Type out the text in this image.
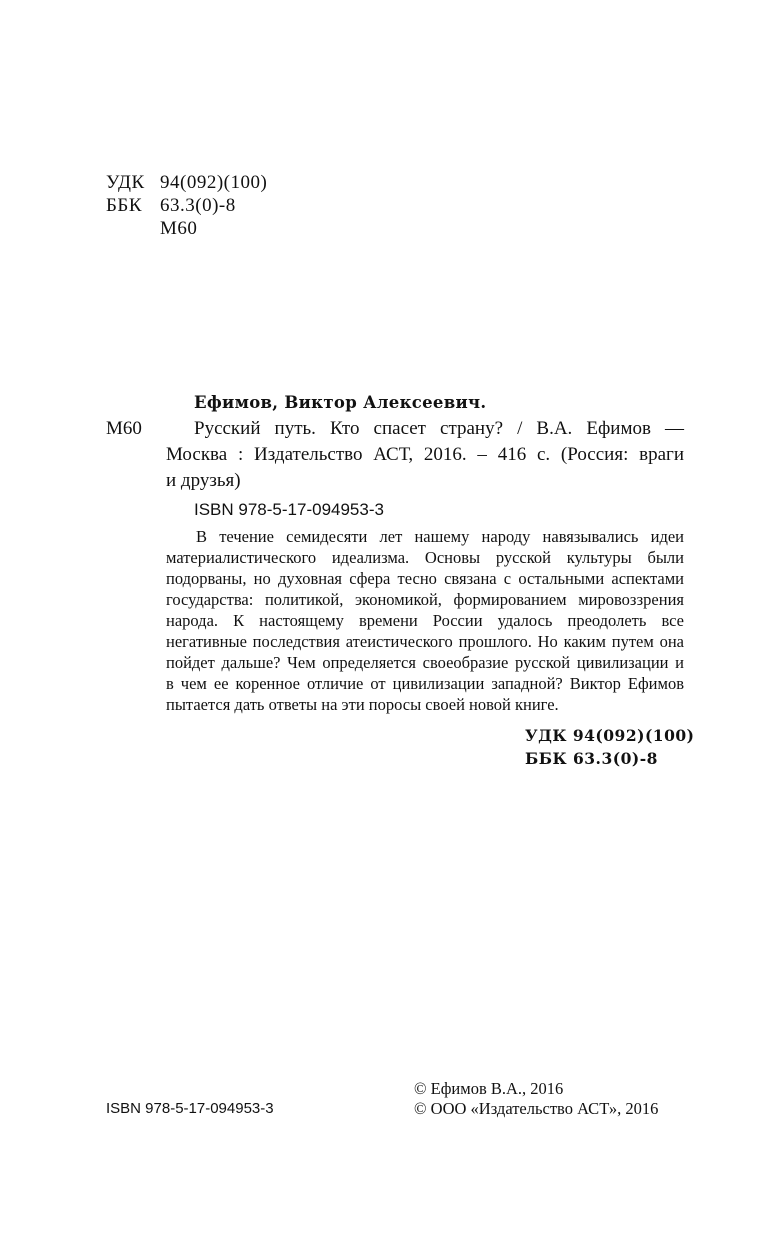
УДК 94(092)(100)
ББК 63.3(0)-8
М60
Ефимов, Виктор Алексеевич.
М60	Русский путь. Кто спасет страну? / В.А. Ефимов —
Москва : Издательство АСТ, 2016. – 416 с. (Россия: враги
и друзья)
ISBN 978-5-17-094953-3
В течение семидесяти лет нашему народу навязывались идеи
материалистического идеализма. Основы русской культуры были
подорваны, но духовная сфера тесно связана с остальными аспектами
государства: политикой, экономикой, формированием мировоззрения
народа. К настоящему времени России удалось преодолеть все
негативные последствия атеистического прошлого. Но каким путем она
пойдет дальше? Чем определяется своеобразие русской цивилизации и
в чем ее коренное отличие от цивилизации западной? Виктор Ефимов
пытается дать ответы на эти поросы своей новой книге.
УДК 94(092)(100)
ББК 63.3(0)-8
© Ефимов В.А., 2016
ISBN 978-5-17-094953-3	© ООО «Издательство АСТ», 2016
